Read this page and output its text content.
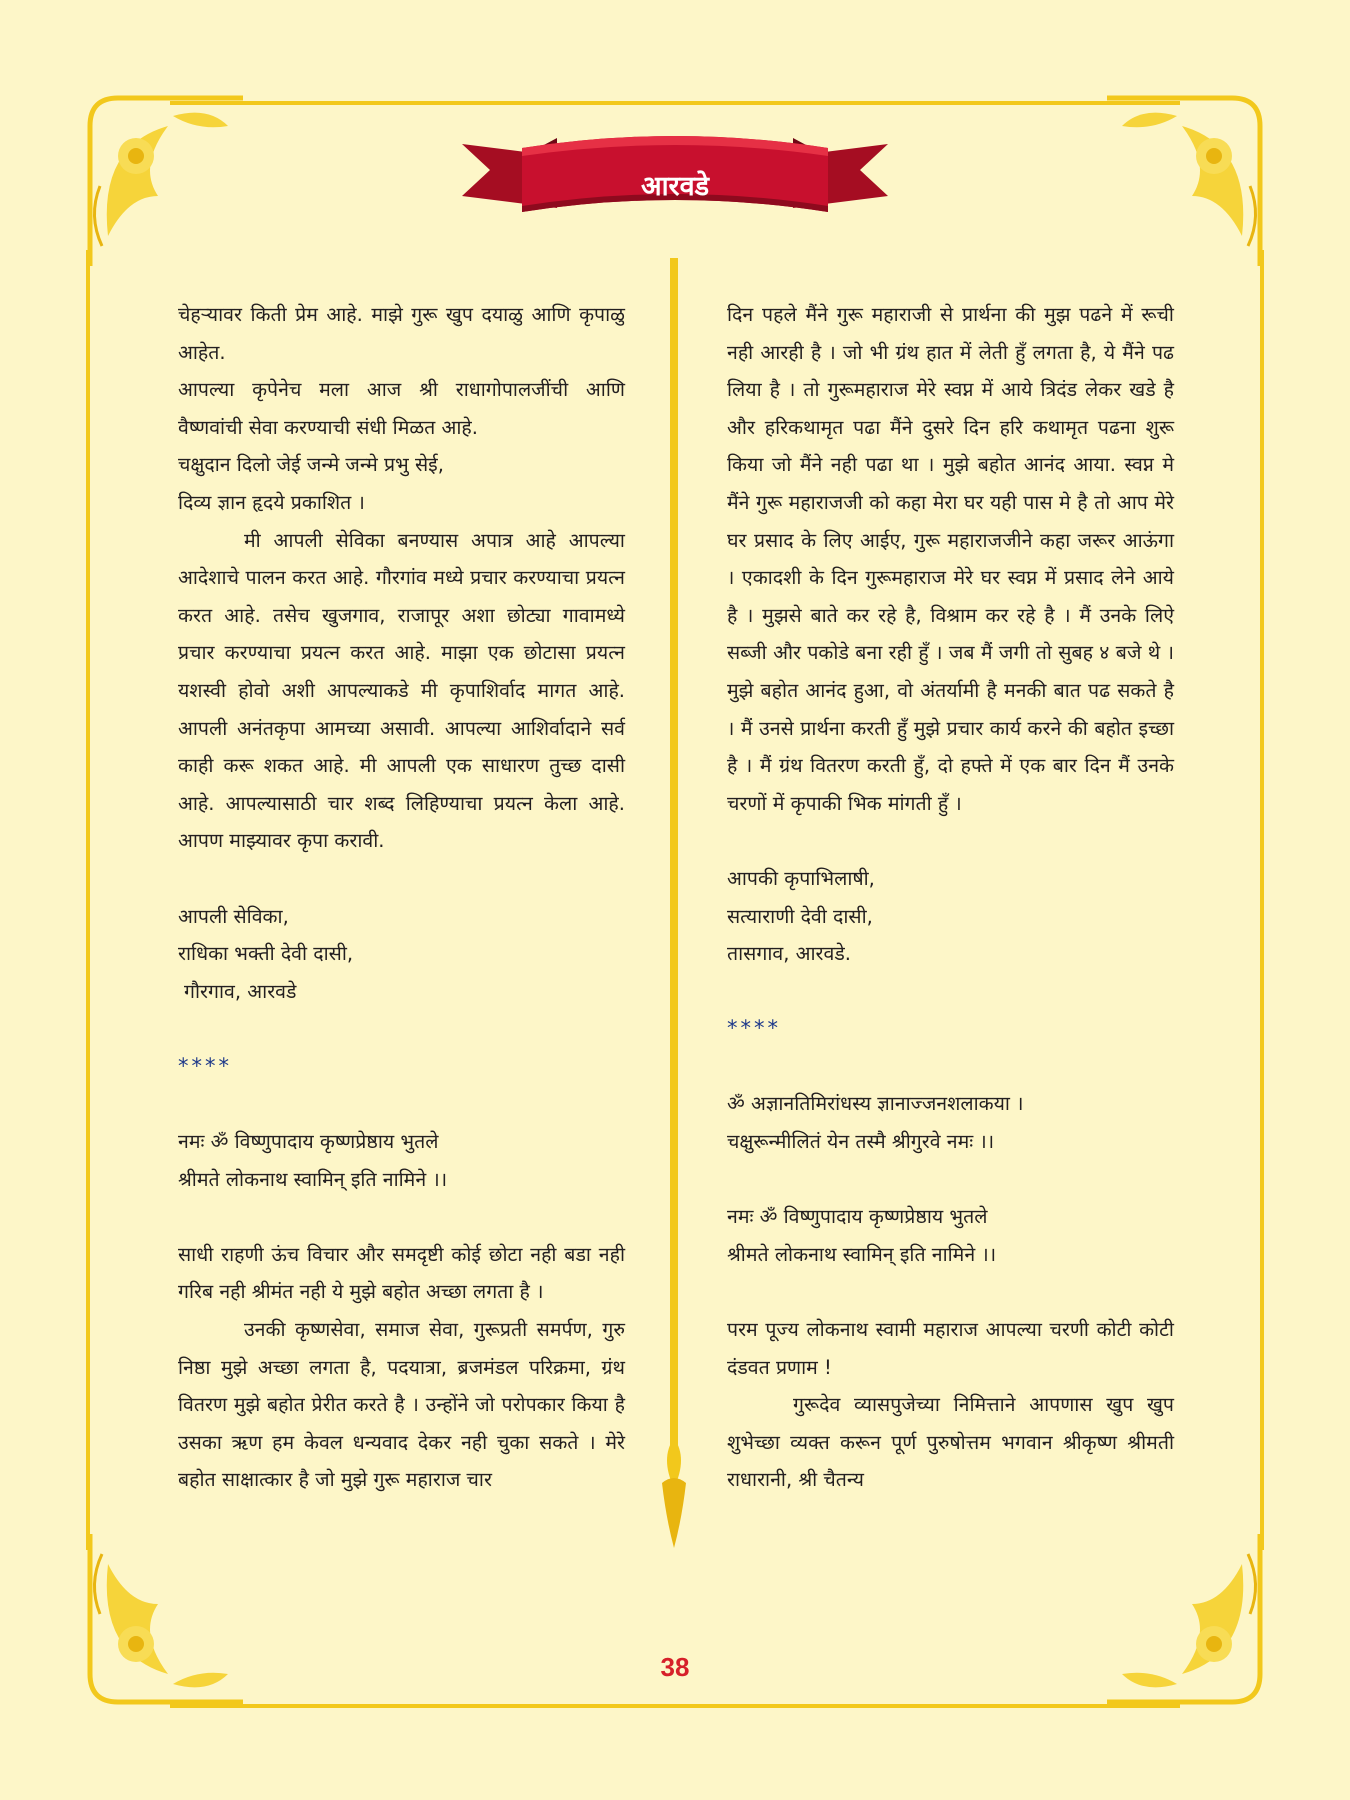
आरवडे

चेहऱ्यावर किती प्रेम आहे. माझे गुरू खुप दयाळु आणि कृपाळु आहेत.

आपल्या कृपेनेच मला आज श्री राधागोपालजींची आणि वैष्णवांची सेवा करण्याची संधी मिळत आहे.

चक्षुदान दिलो जेई जन्मे जन्मे प्रभु सेई,

दिव्य ज्ञान हृदये प्रकाशित ।

मी आपली सेविका बनण्यास अपात्र आहे आपल्या आदेशाचे पालन करत आहे. गौरगांव मध्ये प्रचार करण्याचा प्रयत्न करत आहे. तसेच खुजगाव, राजापूर अशा छोट्या गावामध्ये प्रचार करण्याचा प्रयत्न करत आहे. माझा एक छोटासा प्रयत्न यशस्वी होवो अशी आपल्याकडे मी कृपाशिर्वाद मागत आहे. आपली अनंतकृपा आमच्या असावी. आपल्या आशिर्वादाने सर्व काही करू शकत आहे. मी आपली एक साधारण तुच्छ दासी आहे. आपल्यासाठी चार शब्द लिहिण्याचा प्रयत्न केला आहे. आपण माझ्यावर कृपा करावी.

आपली सेविका,

राधिका भक्ती देवी दासी,

गौरगाव, आरवडे

****

नमः ॐ विष्णुपादाय कृष्णप्रेष्ठाय भुतले

श्रीमते लोकनाथ स्वामिन् इति नामिने ।।

साधी राहणी ऊंच विचार और समदृष्टी कोई छोटा नही बडा नही गरिब नही श्रीमंत नही ये मुझे बहोत अच्छा लगता है ।

उनकी कृष्णसेवा, समाज सेवा, गुरूप्रती समर्पण, गुरु निष्ठा मुझे अच्छा लगता है, पदयात्रा, ब्रजमंडल परिक्रमा, ग्रंथ वितरण मुझे बहोत प्रेरीत करते है । उन्होंने जो परोपकार किया है उसका ऋण हम केवल धन्यवाद देकर नही चुका सकते । मेरे बहोत साक्षात्कार है जो मुझे गुरू महाराज चार

दिन पहले मैंने गुरू महाराजी से प्रार्थना की मुझ पढने में रूची नही आरही है । जो भी ग्रंथ हात में लेती हुँ लगता है, ये मैंने पढ लिया है । तो गुरूमहाराज मेरे स्वप्न में आये त्रिदंड लेकर खडे है और हरिकथामृत पढा मैंने दुसरे दिन हरि कथामृत पढना शुरू किया जो मैंने नही पढा था । मुझे बहोत आनंद आया. स्वप्न मे मैंने गुरू महाराजजी को कहा मेरा घर यही पास मे है तो आप मेरे घर प्रसाद के लिए आईए, गुरू महाराजजीने कहा जरूर आऊंगा । एकादशी के दिन गुरूमहाराज मेरे घर स्वप्न में प्रसाद लेने आये है । मुझसे बाते कर रहे है, विश्राम कर रहे है । मैं उनके लिऐ सब्जी और पकोडे बना रही हुँ । जब मैं जगी तो सुबह ४ बजे थे । मुझे बहोत आनंद हुआ, वो अंतर्यामी है मनकी बात पढ सकते है । मैं उनसे प्रार्थना करती हुँ मुझे प्रचार कार्य करने की बहोत इच्छा है । मैं ग्रंथ वितरण करती हुँ, दो हफ्ते में एक बार दिन मैं उनके चरणों में कृपाकी भिक मांगती हुँ ।

आपकी कृपाभिलाषी,

सत्याराणी देवी दासी,

तासगाव, आरवडे.

****

ॐ अज्ञानतिमिरांधस्य ज्ञानाज्जनशलाकया ।

चक्षुरून्मीलितं येन तस्मै श्रीगुरवे नमः ।।

नमः ॐ विष्णुपादाय कृष्णप्रेष्ठाय भुतले

श्रीमते लोकनाथ स्वामिन् इति नामिने ।।

परम पूज्य लोकनाथ स्वामी महाराज आपल्या चरणी कोटी कोटी दंडवत प्रणाम !

गुरूदेव व्यासपुजेच्या निमित्ताने आपणास खुप खुप शुभेच्छा व्यक्त करून पूर्ण पुरुषोत्तम भगवान श्रीकृष्ण श्रीमती राधारानी, श्री चैतन्य

38
